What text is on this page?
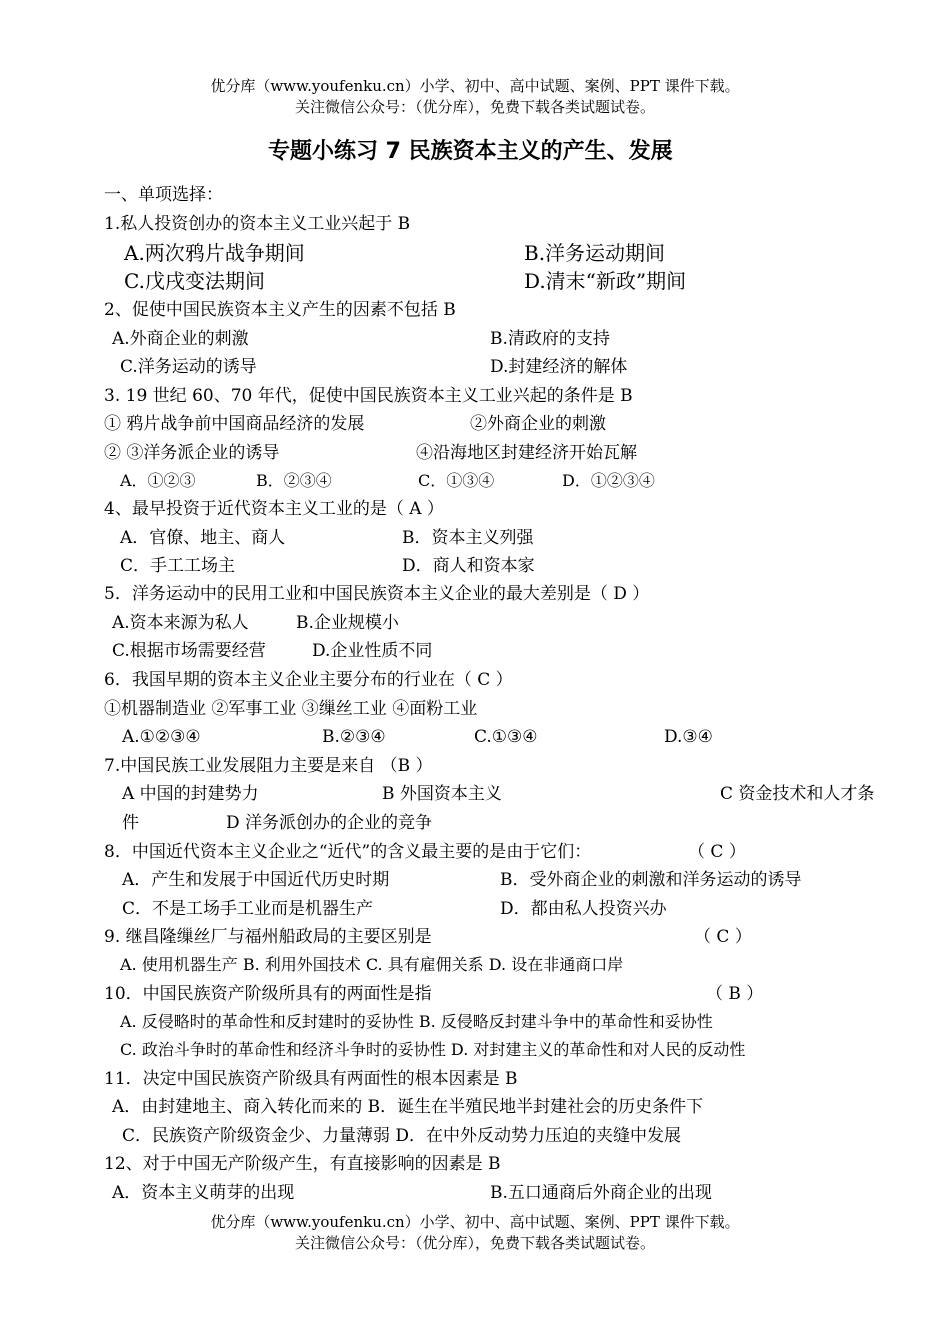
优分库（www.youfenku.cn）小学、初中、高中试题、案例、PPT 课件下载。
关注微信公众号：（优分库），免费下载各类试题试卷。
专题小练习 7 民族资本主义的产生、发展
一、单项选择：
1.私人投资创办的资本主义工业兴起于 B
A.两次鸦片战争期间	B.洋务运动期间
C.戊戌变法期间	D.清末“新政”期间
2、促使中国民族资本主义产生的因素不包括 B
A.外商企业的刺激	B.清政府的支持
C.洋务运动的诱导	D.封建经济的解体
3. 19 世纪 60、70 年代，促使中国民族资本主义工业兴起的条件是 B
① 鸦片战争前中国商品经济的发展	②外商企业的刺激
② ③洋务派企业的诱导	④沿海地区封建经济开始瓦解
A．①②③	B．②③④	C．①③④	D．①②③④
4、最早投资于近代资本主义工业的是（ A ）
A．官僚、地主、商人	B．资本主义列强
C．手工工场主	D．商人和资本家
5．洋务运动中的民用工业和中国民族资本主义企业的最大差别是（ D ）
A.资本来源为私人	B.企业规模小
C.根据市场需要经营	D.企业性质不同
6．我国早期的资本主义企业主要分布的行业在（ C ）
①机器制造业 ②军事工业 ③缫丝工业 ④面粉工业
A.①②③④	B.②③④	C.①③④	D.③④
7.中国民族工业发展阻力主要是来自 （B ）
A 中国的封建势力	B 外国资本主义	C 资金技术和人才条
件	D 洋务派创办的企业的竞争
8．中国近代资本主义企业之“近代”的含义最主要的是由于它们：	（ C ）
A．产生和发展于中国近代历史时期	B．受外商企业的刺激和洋务运动的诱导
C．不是工场手工业而是机器生产	D．都由私人投资兴办
9. 继昌隆缫丝厂与福州船政局的主要区别是	（ C ）
A. 使用机器生产 B. 利用外国技术 C. 具有雇佣关系 D. 设在非通商口岸
10．中国民族资产阶级所具有的两面性是指	（ B ）
A. 反侵略时的革命性和反封建时的妥协性 B. 反侵略反封建斗争中的革命性和妥协性
C. 政治斗争时的革命性和经济斗争时的妥协性 D. 对封建主义的革命性和对人民的反动性
11．决定中国民族资产阶级具有两面性的根本因素是 B
A．由封建地主、商入转化而来的 B．诞生在半殖民地半封建社会的历史条件下
C．民族资产阶级资金少、力量薄弱 D．在中外反动势力压迫的夹缝中发展
12、对于中国无产阶级产生，有直接影响的因素是 B
A．资本主义萌芽的出现	B.五口通商后外商企业的出现
优分库（www.youfenku.cn）小学、初中、高中试题、案例、PPT 课件下载。
关注微信公众号：（优分库），免费下载各类试题试卷。
